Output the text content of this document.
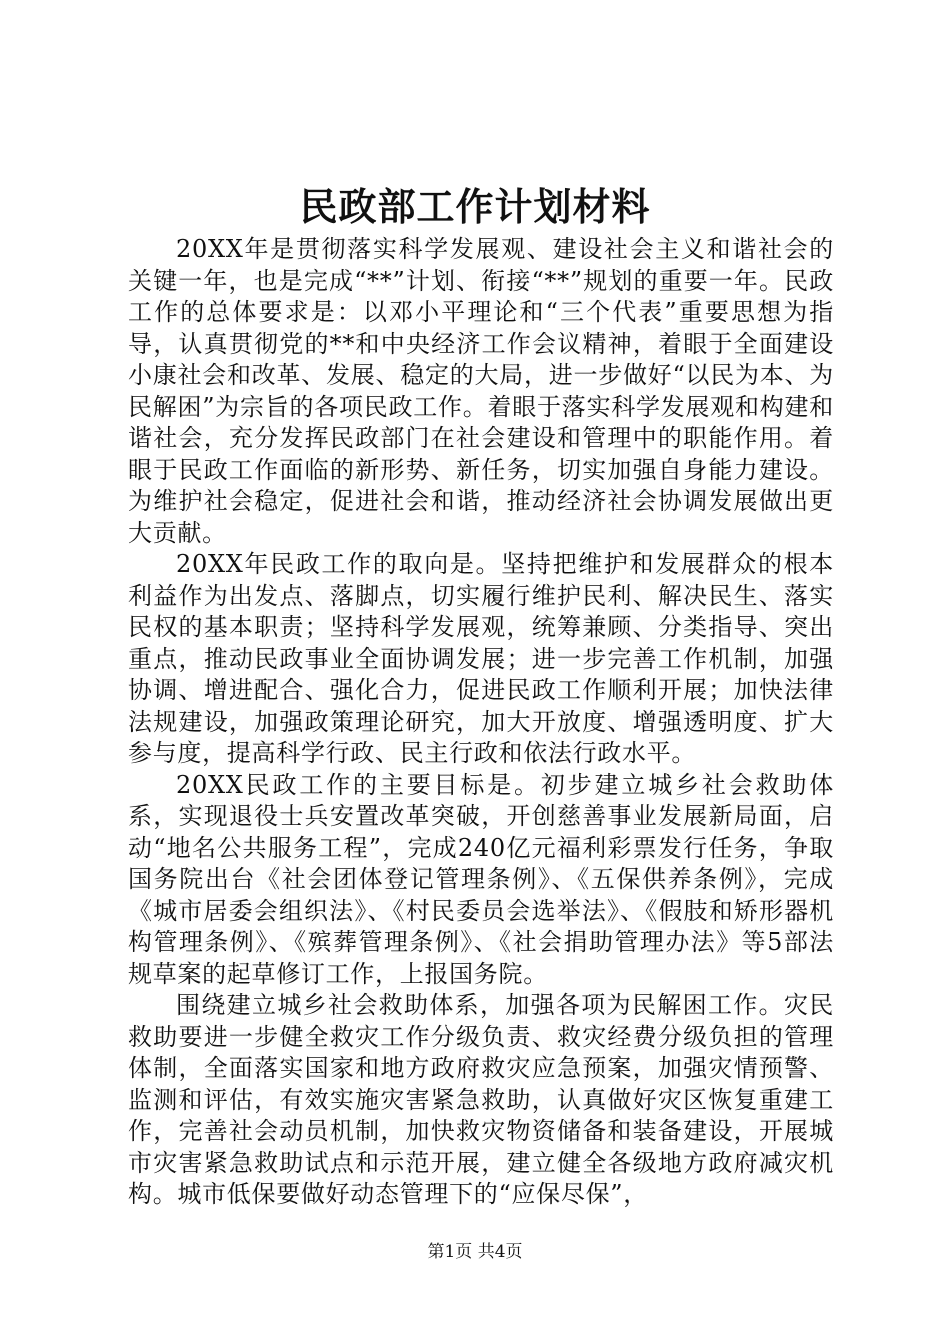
民政部工作计划材料

20XX年是贯彻落实科学发展观、建设社会主义和谐社会的关键一年，也是完成“**”计划、衔接“**”规划的重要一年。民政工作的总体要求是：以邓小平理论和“三个代表”重要思想为指导，认真贯彻党的**和中央经济工作会议精神，着眼于全面建设小康社会和改革、发展、稳定的大局，进一步做好“以民为本、为民解困”为宗旨的各项民政工作。着眼于落实科学发展观和构建和谐社会，充分发挥民政部门在社会建设和管理中的职能作用。着眼于民政工作面临的新形势、新任务，切实加强自身能力建设。为维护社会稳定，促进社会和谐，推动经济社会协调发展做出更大贡献。

20XX年民政工作的取向是。坚持把维护和发展群众的根本利益作为出发点、落脚点，切实履行维护民利、解决民生、落实民权的基本职责；坚持科学发展观，统筹兼顾、分类指导、突出重点，推动民政事业全面协调发展；进一步完善工作机制，加强协调、增进配合、强化合力，促进民政工作顺利开展；加快法律法规建设，加强政策理论研究，加大开放度、增强透明度、扩大参与度，提高科学行政、民主行政和依法行政水平。

20XX民政工作的主要目标是。初步建立城乡社会救助体系，实现退役士兵安置改革突破，开创慈善事业发展新局面，启动“地名公共服务工程”，完成240亿元福利彩票发行任务，争取国务院出台《社会团体登记管理条例》、《五保供养条例》，完成《城市居委会组织法》、《村民委员会选举法》、《假肢和矫形器机构管理条例》、《殡葬管理条例》、《社会捐助管理办法》等5部法规草案的起草修订工作，上报国务院。

围绕建立城乡社会救助体系，加强各项为民解困工作。灾民救助要进一步健全救灾工作分级负责、救灾经费分级负担的管理体制，全面落实国家和地方政府救灾应急预案，加强灾情预警、监测和评估，有效实施灾害紧急救助，认真做好灾区恢复重建工作，完善社会动员机制，加快救灾物资储备和装备建设，开展城市灾害紧急救助试点和示范开展，建立健全各级地方政府减灾机构。城市低保要做好动态管理下的“应保尽保”，

第1页 共4页
